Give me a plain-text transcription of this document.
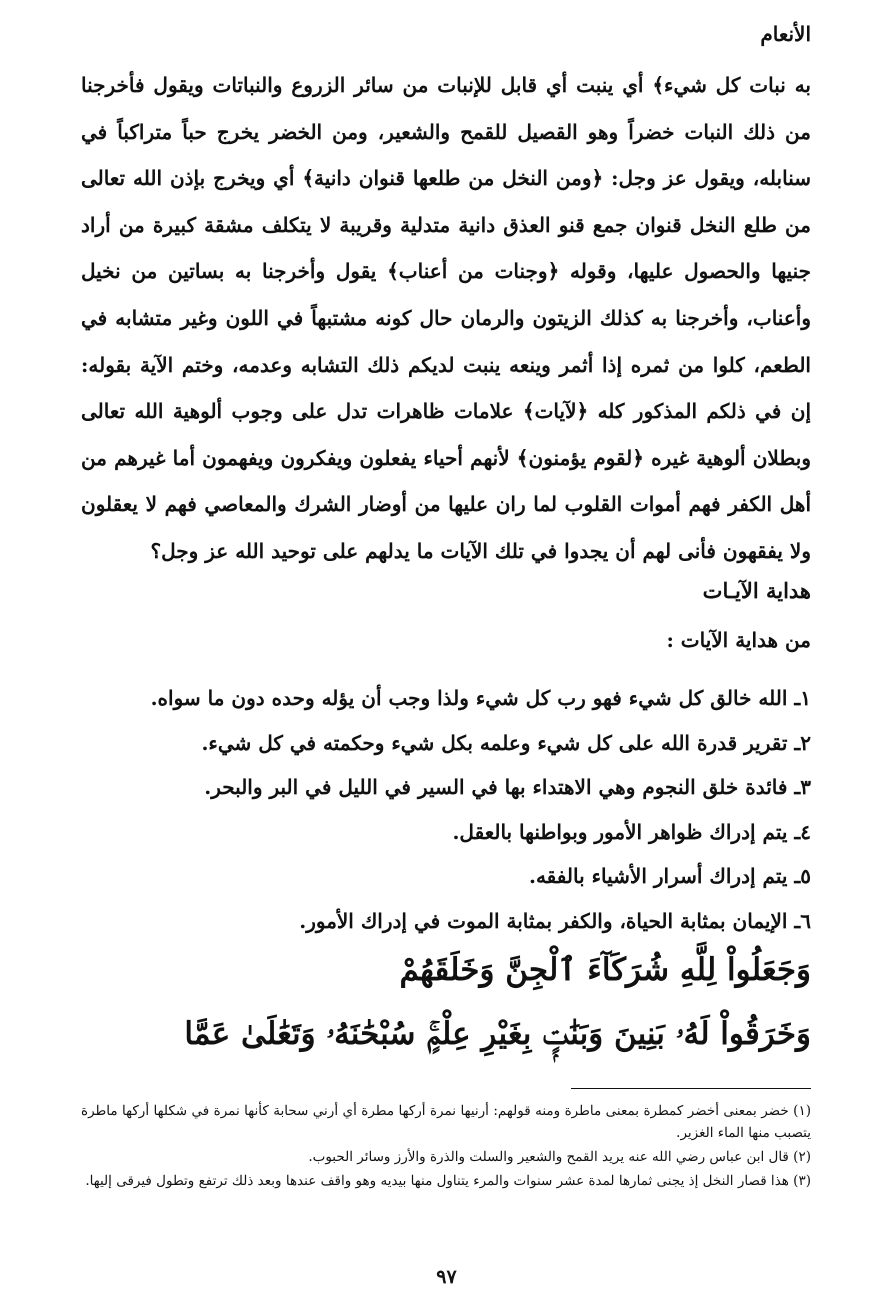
الأنعام

به نبات كل شيء﴾ أي ينبت أي قابل للإنبات من سائر الزروع والنباتات ويقول فأخرجنا من ذلك النبات خضراً وهو القصيل للقمح والشعير، ومن الخضر يخرج حباً متراكباً في سنابله، ويقول عز وجل: ﴿ومن النخل من طلعها قنوان دانية﴾ أي ويخرج بإذن الله تعالى من طلع النخل قنوان جمع قنو العذق دانية متدلية وقريبة لا يتكلف مشقة كبيرة من أراد جنيها والحصول عليها، وقوله ﴿وجنات من أعناب﴾ يقول وأخرجنا به بساتين من نخيل وأعناب، وأخرجنا به كذلك الزيتون والرمان حال كونه مشتبهاً في اللون وغير متشابه في الطعم، كلوا من ثمره إذا أثمر وينعه ينبت لديكم ذلك التشابه وعدمه، وختم الآية بقوله: إن في ذلكم المذكور كله ﴿لآيات﴾ علامات ظاهرات تدل على وجوب ألوهية الله تعالى وبطلان ألوهية غيره ﴿لقوم يؤمنون﴾ لأنهم أحياء يفعلون ويفكرون ويفهمون أما غيرهم من أهل الكفر فهم أموات القلوب لما ران عليها من أوضار الشرك والمعاصي فهم لا يعقلون ولا يفقهون فأنى لهم أن يجدوا في تلك الآيات ما يدلهم على توحيد الله عز وجل؟

هداية الآيـات
من هداية الآيات :
١ـ الله خالق كل شيء فهو رب كل شيء ولذا وجب أن يؤله وحده دون ما سواه.
٢ـ تقرير قدرة الله على كل شيء وعلمه بكل شيء وحكمته في كل شيء.
٣ـ فائدة خلق النجوم وهي الاهتداء بها في السير في الليل في البر والبحر.
٤ـ يتم إدراك ظواهر الأمور وبواطنها بالعقل.
٥ـ يتم إدراك أسرار الأشياء بالفقه.
٦ـ الإيمان بمثابة الحياة، والكفر بمثابة الموت في إدراك الأمور.
وَجَعَلُواْ لِلَّهِ شُرَكَآءَ ٱلْجِنَّ وَخَلَقَهُمْ
وَخَرَقُواْ لَهُۥ بَنِينَ وَبَنَٰتٍۭ بِغَيْرِ عِلْمٍۚ سُبْحَٰنَهُۥ وَتَعَٰلَىٰ عَمَّا

(١) خضر بمعنى أخضر كمطرة بمعنى ماطرة ومنه قولهم: أرنيها نمرة أركها مطرة أي أرني سحابة كأنها نمرة في شكلها أركها ماطرة يتصبب منها الماء الغزير.

(٢) قال ابن عباس رضي الله عنه يريد القمح والشعير والسلت والذرة والأرز وسائر الحبوب.

(٣) هذا قصار النخل إذ يجنى ثمارها لمدة عشر سنوات والمرء يتناول منها بيديه وهو واقف عندها وبعد ذلك ترتفع وتطول فيرقى إليها.

٩٧
